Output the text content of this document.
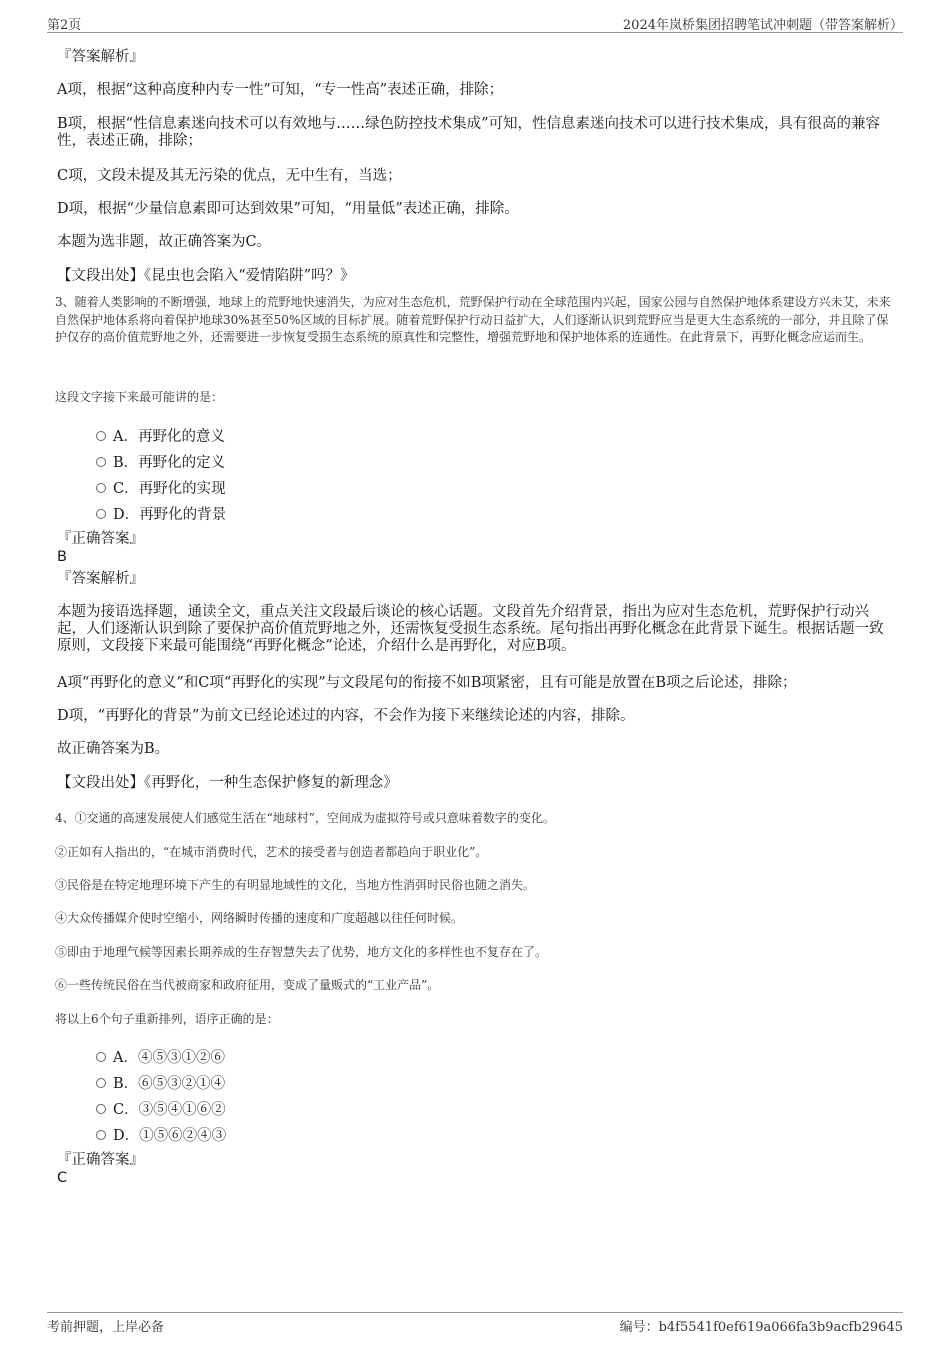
第2页	2024年岚桥集团招聘笔试冲刺题（带答案解析）
『答案解析』
A项，根据“这种高度种内专一性”可知，“专一性高”表述正确，排除；
B项，根据“性信息素迷向技术可以有效地与……绿色防控技术集成”可知，性信息素迷向技术可以进行技术集成，具有很高的兼容性，表述正确，排除；
C项，文段未提及其无污染的优点，无中生有，当选；
D项，根据“少量信息素即可达到效果”可知，“用量低”表述正确，排除。
本题为选非题，故正确答案为C。
【文段出处】《昆虫也会陷入“爱情陷阱”吗？》
3、随着人类影响的不断增强，地球上的荒野地快速消失，为应对生态危机，荒野保护行动在全球范围内兴起，国家公园与自然保护地体系建设方兴未艾，未来自然保护地体系将向着保护地球30%甚至50%区域的目标扩展。随着荒野保护行动日益扩大，人们逐渐认识到荒野应当是更大生态系统的一部分，并且除了保护仅存的高价值荒野地之外，还需要进一步恢复受损生态系统的原真性和完整性，增强荒野地和保护地体系的连通性。在此背景下，再野化概念应运而生。
这段文字接下来最可能讲的是：
A．再野化的意义
B．再野化的定义
C．再野化的实现
D．再野化的背景
『正确答案』
B
『答案解析』
本题为接语选择题，通读全文，重点关注文段最后谈论的核心话题。文段首先介绍背景，指出为应对生态危机，荒野保护行动兴起，人们逐渐认识到除了要保护高价值荒野地之外，还需恢复受损生态系统。尾句指出再野化概念在此背景下诞生。根据话题一致原则，文段接下来最可能围绕“再野化概念”论述，介绍什么是再野化，对应B项。
A项“再野化的意义”和C项“再野化的实现”与文段尾句的衔接不如B项紧密，且有可能是放置在B项之后论述，排除；
D项，“再野化的背景”为前文已经论述过的内容，不会作为接下来继续论述的内容，排除。
故正确答案为B。
【文段出处】《再野化，一种生态保护修复的新理念》
4、①交通的高速发展使人们感觉生活在“地球村”，空间成为虚拟符号或只意味着数字的变化。
②正如有人指出的，“在城市消费时代，艺术的接受者与创造者都趋向于职业化”。
③民俗是在特定地理环境下产生的有明显地域性的文化，当地方性消弭时民俗也随之消失。
④大众传播媒介使时空缩小，网络瞬时传播的速度和广度超越以往任何时候。
⑤即由于地理气候等因素长期养成的生存智慧失去了优势，地方文化的多样性也不复存在了。
⑥一些传统民俗在当代被商家和政府征用，变成了量贩式的“工业产品”。
将以上6个句子重新排列，语序正确的是：
A．④⑤③①②⑥
B．⑥⑤③②①④
C．③⑤④①⑥②
D．①⑤⑥②④③
『正确答案』
C
考前押题，上岸必备	编号：b4f5541f0ef619a066fa3b9acfb29645
